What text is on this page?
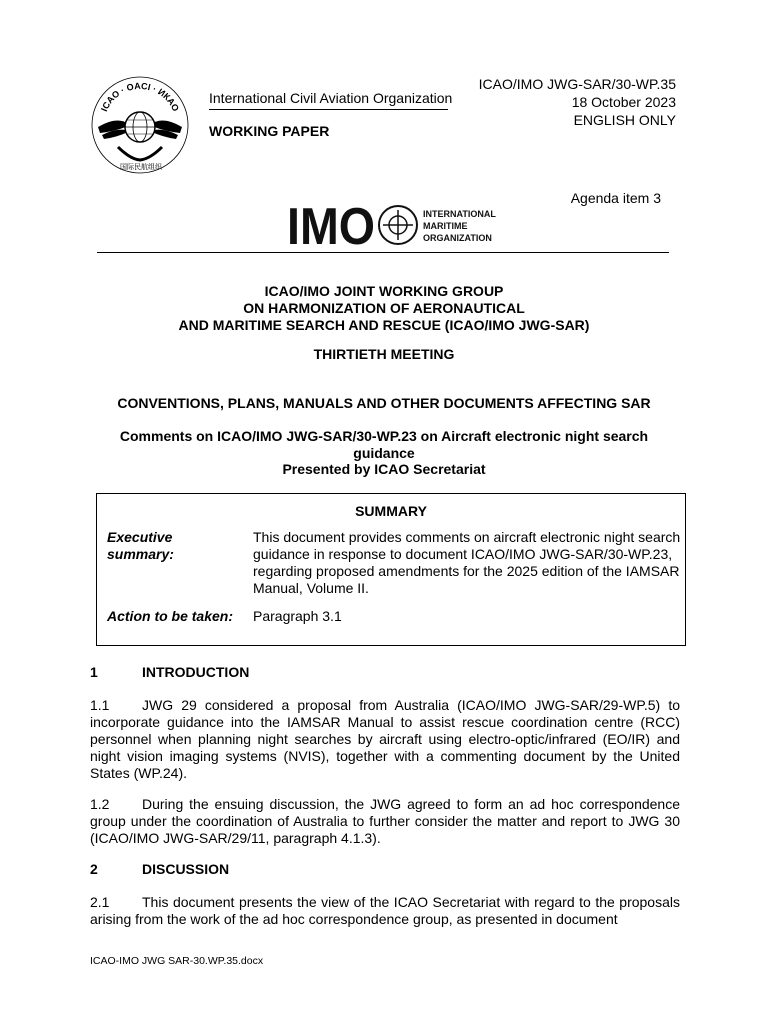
ICAO · OACI · ИКАО
国际民航组织
International Civil Aviation Organization
WORKING PAPER
ICAO/IMO JWG-SAR/30-WP.35
18 October 2023
ENGLISH ONLY
Agenda item 3
IMO	INTERNATIONAL
MARITIME
ORGANIZATION
ICAO/IMO JOINT WORKING GROUP
ON HARMONIZATION OF AERONAUTICAL
AND MARITIME SEARCH AND RESCUE (ICAO/IMO JWG-SAR)
THIRTIETH MEETING
CONVENTIONS, PLANS, MANUALS AND OTHER DOCUMENTS AFFECTING SAR
Comments on ICAO/IMO JWG-SAR/30-WP.23 on Aircraft electronic night search guidance
Presented by ICAO Secretariat
SUMMARY
Executive
summary:
This document provides comments on aircraft electronic night search
guidance in response to document ICAO/IMO JWG-SAR/30-WP.23,
regarding proposed amendments for the 2025 edition of the IAMSAR
Manual, Volume II.
Action to be taken: Paragraph 3.1
1	INTRODUCTION
1.1 JWG 29 considered a proposal from Australia (ICAO/IMO JWG-SAR/29-WP.5) to incorporate guidance into the IAMSAR Manual to assist rescue coordination centre (RCC) personnel when planning night searches by aircraft using electro-optic/infrared (EO/IR) and night vision imaging systems (NVIS), together with a commenting document by the United States (WP.24).
1.2 During the ensuing discussion, the JWG agreed to form an ad hoc correspondence group under the coordination of Australia to further consider the matter and report to JWG 30 (ICAO/IMO JWG-SAR/29/11, paragraph 4.1.3).
2	DISCUSSION
2.1 This document presents the view of the ICAO Secretariat with regard to the proposals arising from the work of the ad hoc correspondence group, as presented in document
ICAO-IMO JWG SAR-30.WP.35.docx
